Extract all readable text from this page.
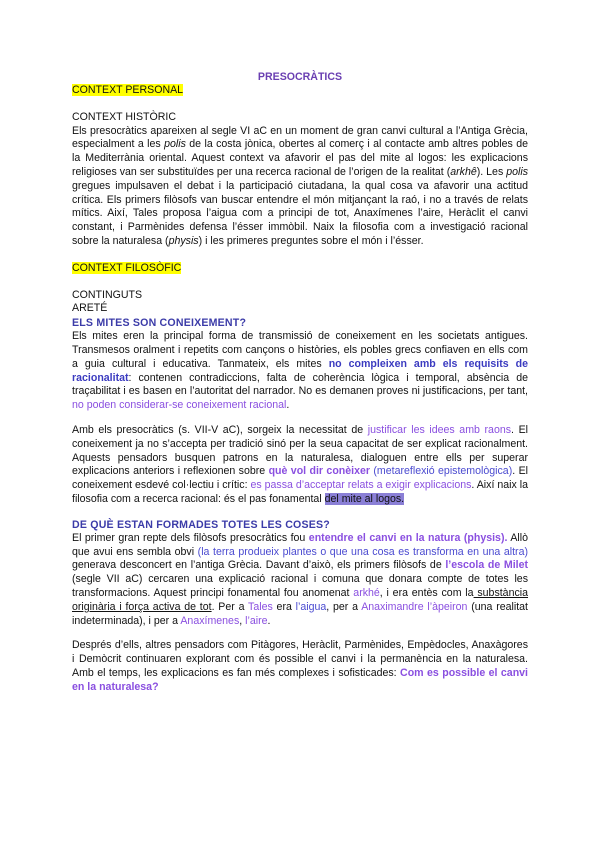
PRESOCRÀTICS

CONTEXT PERSONAL

CONTEXT HISTÒRIC

Els presocràtics apareixen al segle VI aC en un moment de gran canvi cultural a l’Antiga Grècia, especialment a les polis de la costa jònica, obertes al comerç i al contacte amb altres pobles de la Mediterrània oriental. Aquest context va afavorir el pas del mite al logos: les explicacions religioses van ser substituïdes per una recerca racional de l’origen de la realitat (arkhê). Les polis gregues impulsaven el debat i la participació ciutadana, la qual cosa va afavorir una actitud crítica. Els primers filòsofs van buscar entendre el món mitjançant la raó, i no a través de relats mítics. Així, Tales proposa l’aigua com a principi de tot, Anaxímenes l’aire, Heràclit el canvi constant, i Parmènides defensa l’ésser immòbil. Naix la filosofia com a investigació racional sobre la naturalesa (physis) i les primeres preguntes sobre el món i l’ésser.

CONTEXT FILOSÒFIC

CONTINGUTS

ARETÉ

ELS MITES SON CONEIXEMENT?

Els mites eren la principal forma de transmissió de coneixement en les societats antigues. Transmesos oralment i repetits com cançons o històries, els pobles grecs confiaven en ells com a guia cultural i educativa. Tanmateix, els mites no compleixen amb els requisits de racionalitat: contenen contradiccions, falta de coherència lògica i temporal, absència de traçabilitat i es basen en l’autoritat del narrador. No es demanen proves ni justificacions, per tant, no poden considerar-se coneixement racional.

Amb els presocràtics (s. VII-V aC), sorgeix la necessitat de justificar les idees amb raons. El coneixement ja no s’accepta per tradició sinó per la seua capacitat de ser explicat racionalment. Aquests pensadors busquen patrons en la naturalesa, dialoguen entre ells per superar explicacions anteriors i reflexionen sobre què vol dir conèixer (metareflexió epistemològica). El coneixement esdevé col·lectiu i crític: es passa d’acceptar relats a exigir explicacions. Així naix la filosofia com a recerca racional: és el pas fonamental del mite al logos.

DE QUÈ ESTAN FORMADES TOTES LES COSES?

El primer gran repte dels filòsofs presocràtics fou entendre el canvi en la natura (physis). Allò que avui ens sembla obvi (la terra produeix plantes o que una cosa es transforma en una altra) generava desconcert en l’antiga Grècia. Davant d’això, els primers filòsofs de l’escola de Milet (segle VII aC) cercaren una explicació racional i comuna que donara compte de totes les transformacions. Aquest principi fonamental fou anomenat arkhé, i era entès com la substància originària i força activa de tot. Per a Tales era l’aigua, per a Anaximandre l’àpeiron (una realitat indeterminada), i per a Anaxímenes, l’aire.

Després d’ells, altres pensadors com Pitàgores, Heràclit, Parmènides, Empèdocles, Anaxàgores i Demòcrit continuaren explorant com és possible el canvi i la permanència en la naturalesa. Amb el temps, les explicacions es fan més complexes i sofisticades: Com es possible el canvi en la naturalesa?
